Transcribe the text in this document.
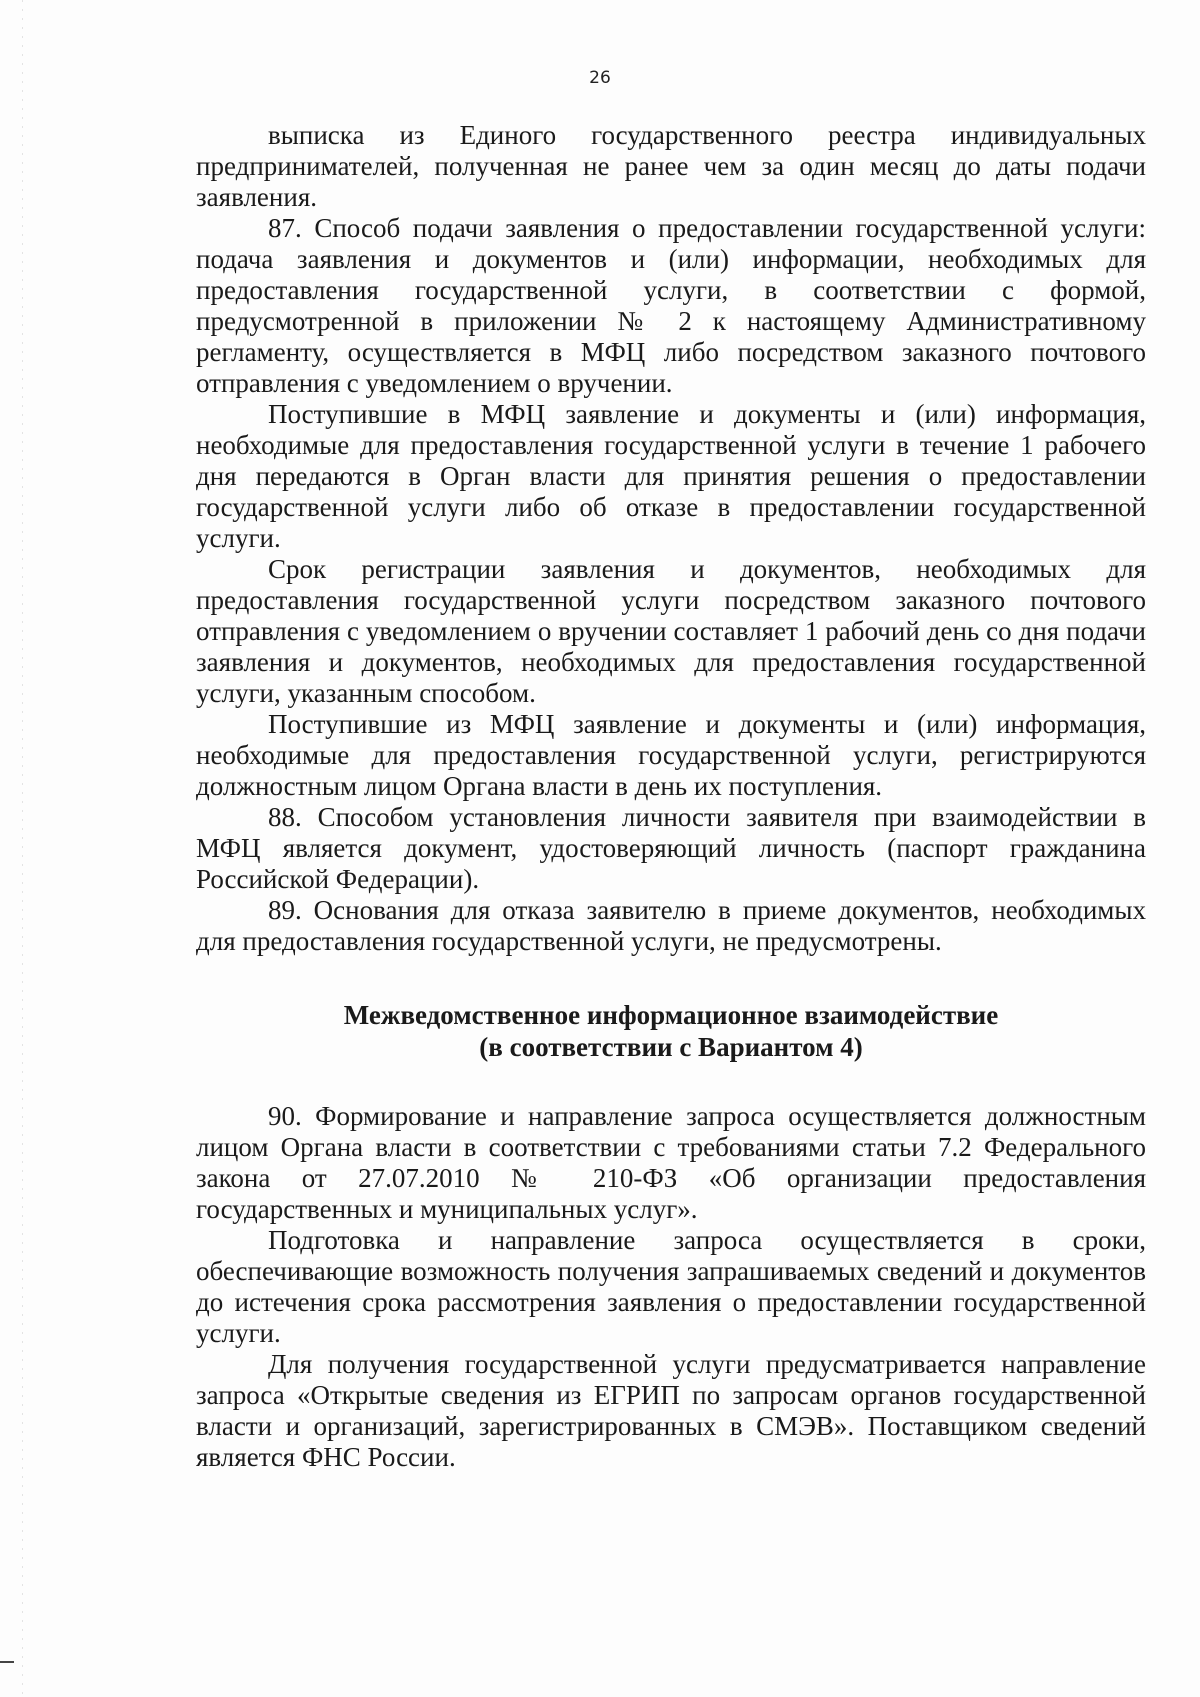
26

выписка из Единого государственного реестра индивидуальных предпринимателей, полученная не ранее чем за один месяц до даты подачи заявления.

87. Способ подачи заявления о предоставлении государственной услуги: подача заявления и документов и (или) информации, необходимых для предоставления государственной услуги, в соответствии с формой, предусмотренной в приложении № 2 к настоящему Административному регламенту, осуществляется в МФЦ либо посредством заказного почтового отправления с уведомлением о вручении.

Поступившие в МФЦ заявление и документы и (или) информация, необходимые для предоставления государственной услуги в течение 1 рабочего дня передаются в Орган власти для принятия решения о предоставлении государственной услуги либо об отказе в предоставлении государственной услуги.

Срок регистрации заявления и документов, необходимых для предоставления государственной услуги посредством заказного почтового отправления с уведомлением о вручении составляет 1 рабочий день со дня подачи заявления и документов, необходимых для предоставления государственной услуги, указанным способом.

Поступившие из МФЦ заявление и документы и (или) информация, необходимые для предоставления государственной услуги, регистрируются должностным лицом Органа власти в день их поступления.

88. Способом установления личности заявителя при взаимодействии в МФЦ является документ, удостоверяющий личность (паспорт гражданина Российской Федерации).

89. Основания для отказа заявителю в приеме документов, необходимых для предоставления государственной услуги, не предусмотрены.

Межведомственное информационное взаимодействие
(в соответствии с Вариантом 4)

90. Формирование и направление запроса осуществляется должностным лицом Органа власти в соответствии с требованиями статьи 7.2 Федерального закона от 27.07.2010 № 210-ФЗ «Об организации предоставления государственных и муниципальных услуг».

Подготовка и направление запроса осуществляется в сроки, обеспечивающие возможность получения запрашиваемых сведений и документов до истечения срока рассмотрения заявления о предоставлении государственной услуги.

Для получения государственной услуги предусматривается направление запроса «Открытые сведения из ЕГРИП по запросам органов государственной власти и организаций, зарегистрированных в СМЭВ». Поставщиком сведений является ФНС России.
